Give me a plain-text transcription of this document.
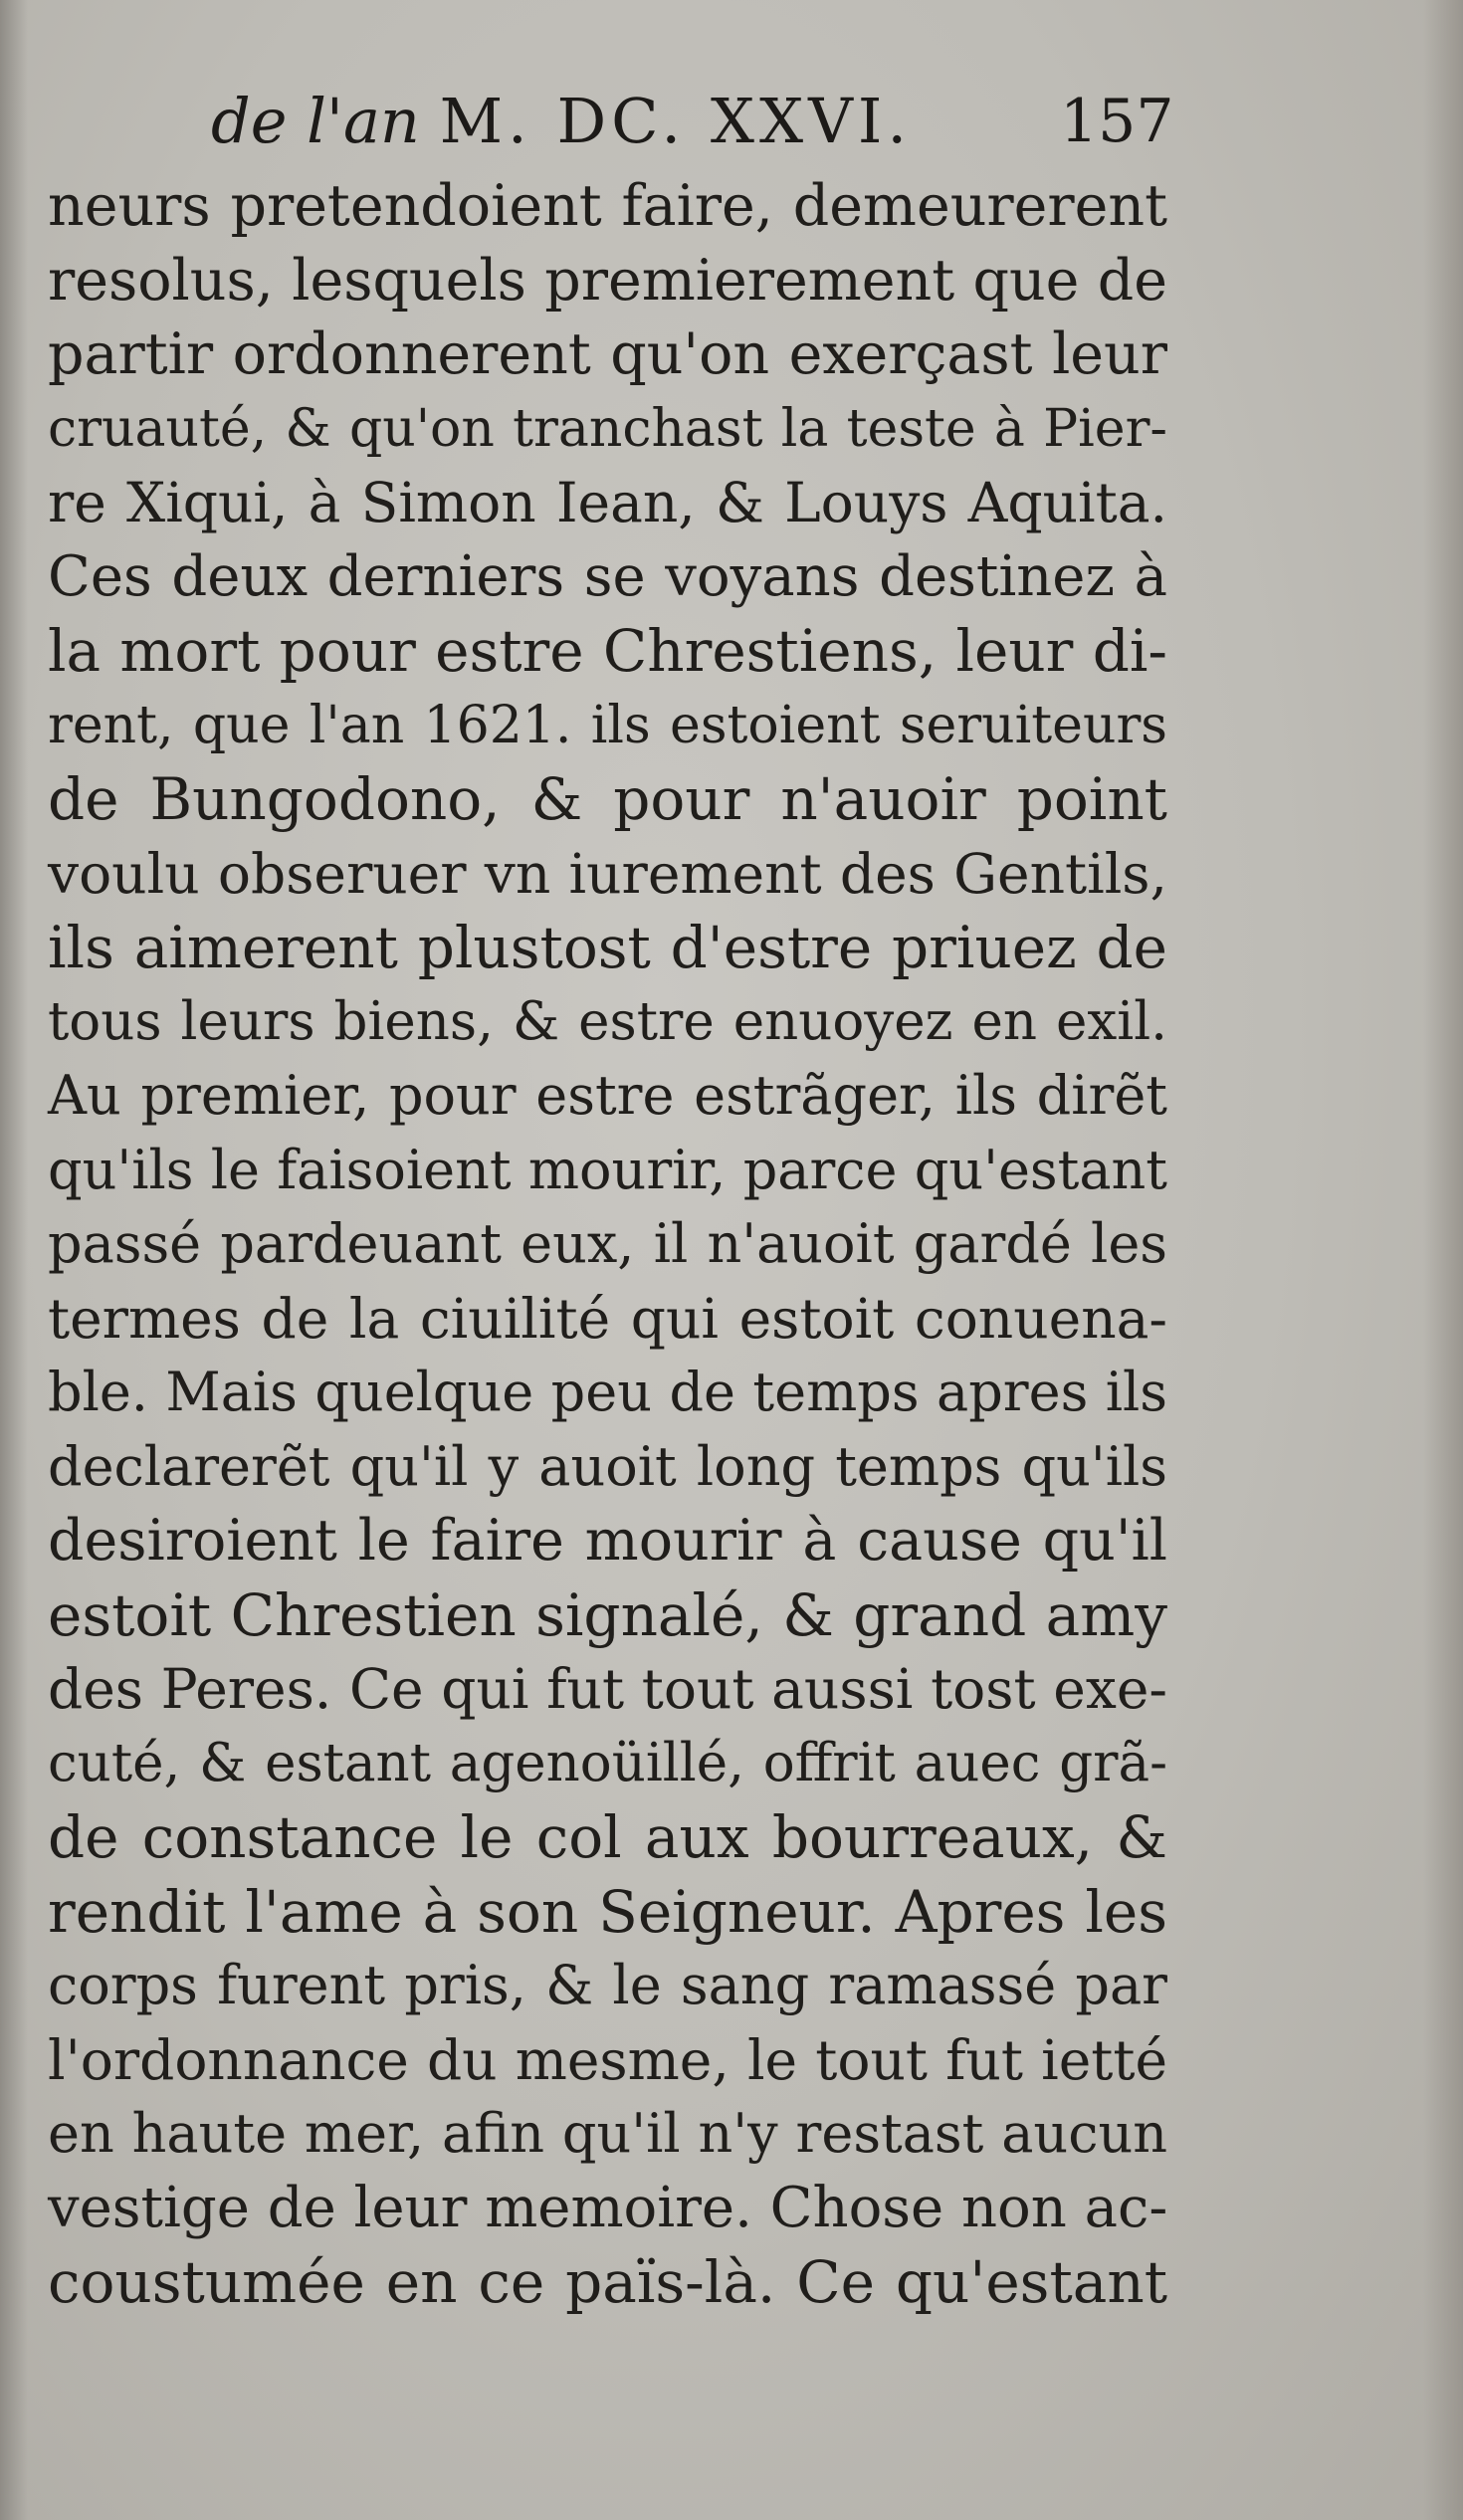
de l'an M. DC. XXVI. 157
neurs pretendoient faire, demeurerent
resolus, lesquels premierement que de
partir ordonnerent qu'on exerçast leur
cruauté, & qu'on tranchast la teste à Pier-
re Xiqui, à Simon Iean, & Louys Aquita.
Ces deux derniers se voyans destinez à
la mort pour estre Chrestiens, leur di-
rent, que l'an 1621. ils estoient seruiteurs
de Bungodono, & pour n'auoir point
voulu obseruer vn iurement des Gentils,
ils aimerent plustost d'estre priuez de
tous leurs biens, & estre enuoyez en exil.
Au premier, pour estre estrãger, ils dirẽt
qu'ils le faisoient mourir, parce qu'estant
passé pardeuant eux, il n'auoit gardé les
termes de la ciuilité qui estoit conuena-
ble. Mais quelque peu de temps apres ils
declarerẽt qu'il y auoit long temps qu'ils
desiroient le faire mourir à cause qu'il
estoit Chrestien signalé, & grand amy
des Peres. Ce qui fut tout aussi tost exe-
cuté, & estant agenoüillé, offrit auec grã-
de constance le col aux bourreaux, &
rendit l'ame à son Seigneur. Apres les
corps furent pris, & le sang ramassé par
l'ordonnance du mesme, le tout fut ietté
en haute mer, afin qu'il n'y restast aucun
vestige de leur memoire. Chose non ac-
coustumée en ce païs-là. Ce qu'estant
